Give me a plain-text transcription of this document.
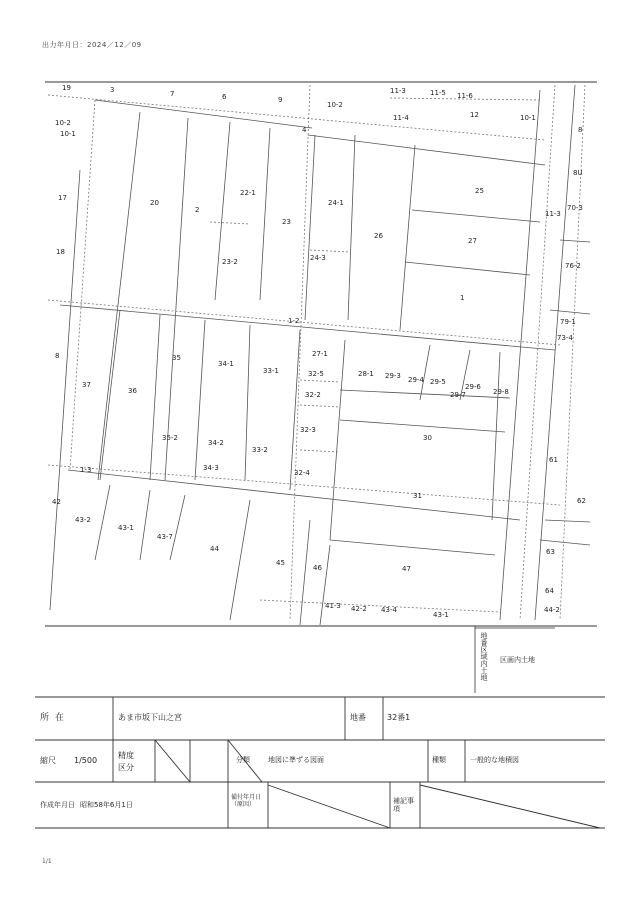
出力年月日：2024／12／09
19	3	7	6	9
10-2
11-3	11-5 11-6
12	10-1
8
10-2
10-1	4
11-4
17
20
2
22-1
24-1
25
8U
11-3
70-3
18
23
26
27
23-2	24-3
76-2
1
1-2	79-1
73-4
8
37
36
35
34-1
33-1
27-1
32-5	28-1 29-3 29-4 29-5
29-6
29-7	29-8
32-2
32-3
30
35-2
34-2
33-2
32-4
61
1-3	34-3
31
62
42
43-2
43-1
43-7
44
45
46	47
63
64
41-3 42-2 43-4
43-1
44-2
地番区域内土地 区画内土地
所在	あま市坂下山之宮	地番	32番1
縮尺 1/500
精度
区分
分類	地図に準ずる図面	種類	一般的な地積図
作成年月日 昭和58年6月1日
備付年月日（原因）	補記事項
1/1
